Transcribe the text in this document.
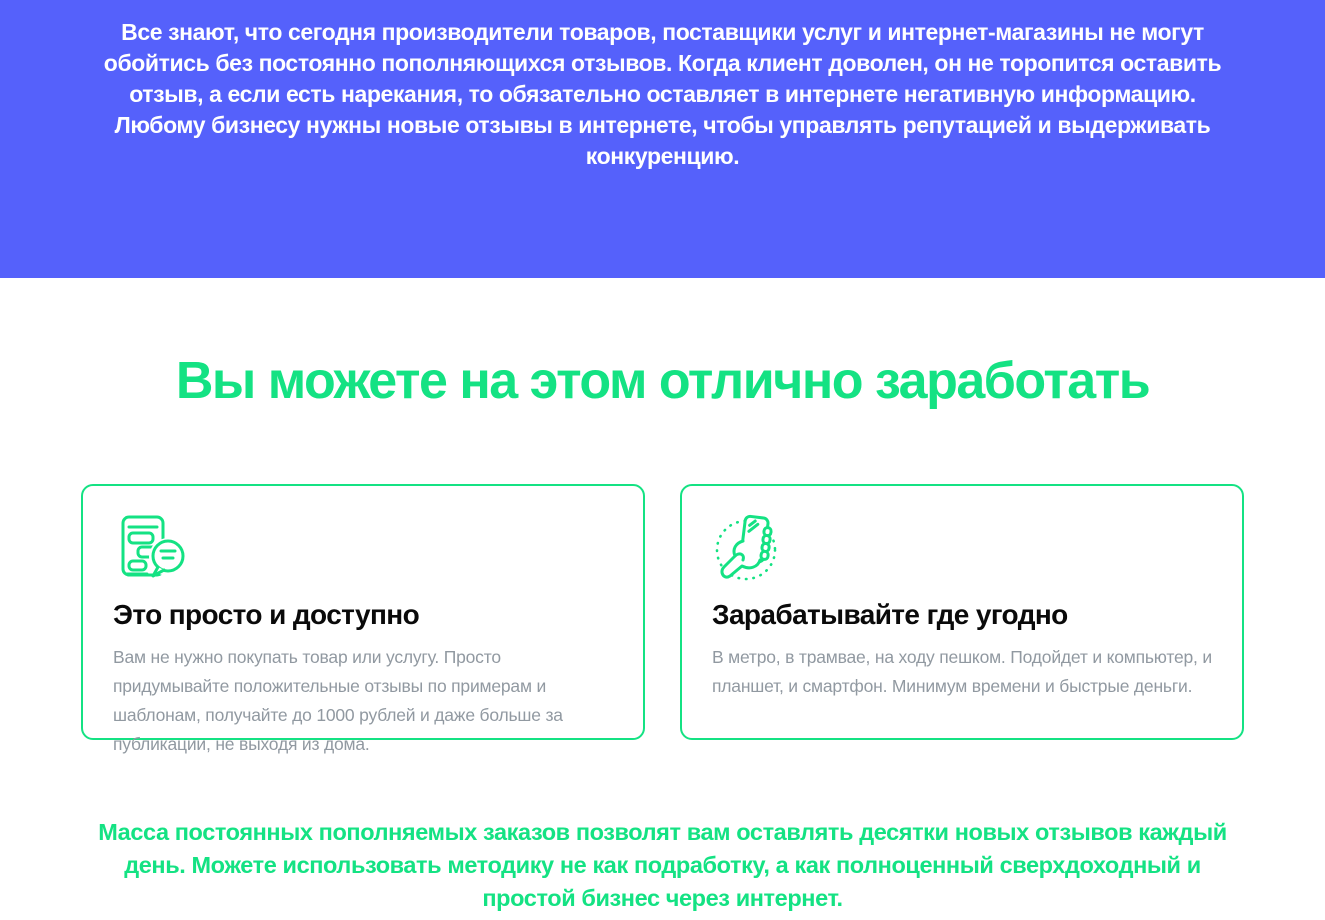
Все знают, что сегодня производители товаров, поставщики услуг и интернет-магазины не могут обойтись без постоянно пополняющихся отзывов. Когда клиент доволен, он не торопится оставить отзыв, а если есть нарекания, то обязательно оставляет в интернете негативную информацию. Любому бизнесу нужны новые отзывы в интернете, чтобы управлять репутацией и выдерживать конкуренцию.

Вы можете на этом отлично заработать
Это просто и доступно

Вам не нужно покупать товар или услугу. Просто придумывайте положительные отзывы по примерам и шаблонам, получайте до 1000 рублей и даже больше за публикации, не выходя из дома.

Зарабатывайте где угодно

В метро, в трамвае, на ходу пешком. Подойдет и компьютер, и планшет, и смартфон. Минимум времени и быстрые деньги.

Масса постоянных пополняемых заказов позволят вам оставлять десятки новых отзывов каждый день. Можете использовать методику не как подработку, а как полноценный сверхдоходный и простой бизнес через интернет.
